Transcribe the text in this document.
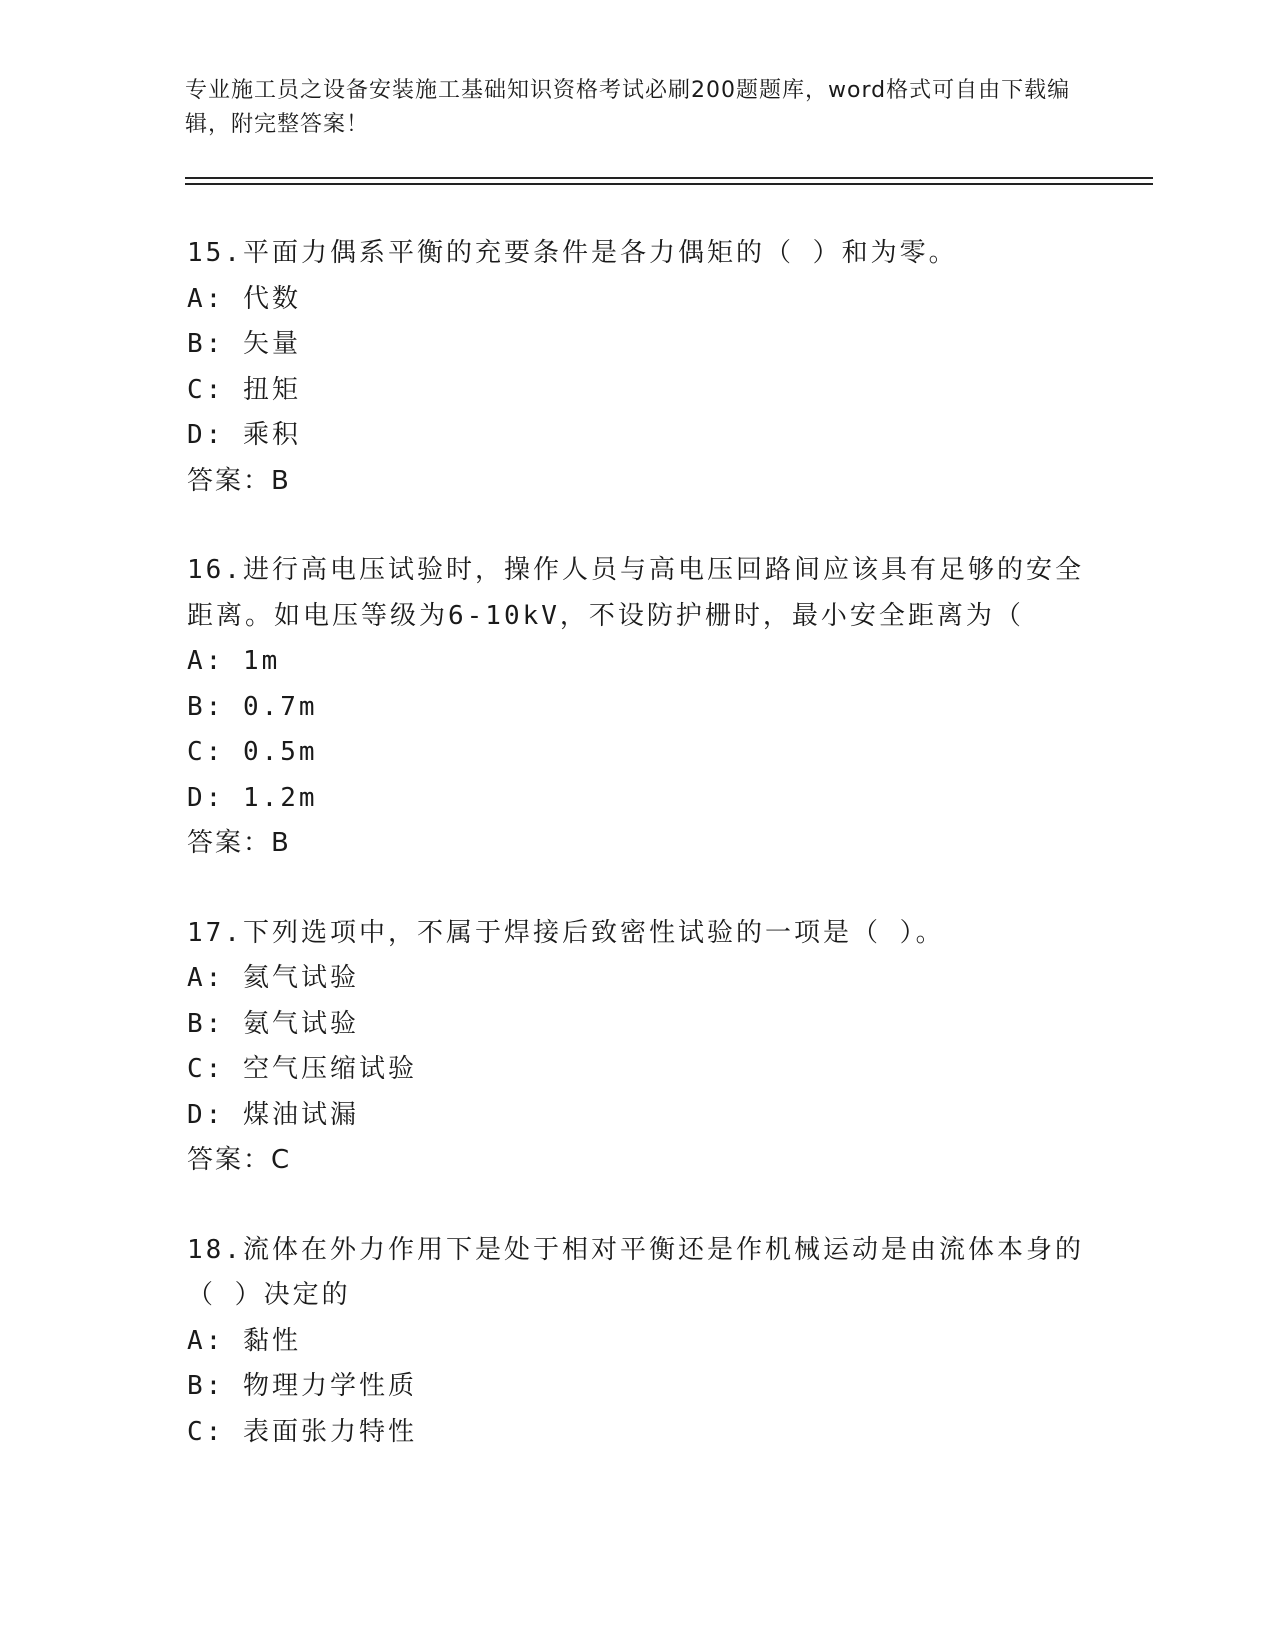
专业施工员之设备安装施工基础知识资格考试必刷200题题库，word格式可自由下载编辑，附完整答案！
15.平面力偶系平衡的充要条件是各力偶矩的（ ）和为零。
A: 代数
B: 矢量
C: 扭矩
D: 乘积
答案：B
16.进行高电压试验时，操作人员与高电压回路间应该具有足够的安全距离。如电压等级为6-10kV，不设防护栅时，最小安全距离为（
A: 1m
B: 0.7m
C: 0.5m
D: 1.2m
答案：B
17.下列选项中，不属于焊接后致密性试验的一项是（ ）。
A: 氦气试验
B: 氨气试验
C: 空气压缩试验
D: 煤油试漏
答案：C
18.流体在外力作用下是处于相对平衡还是作机械运动是由流体本身的（ ）决定的
A: 黏性
B: 物理力学性质
C: 表面张力特性
